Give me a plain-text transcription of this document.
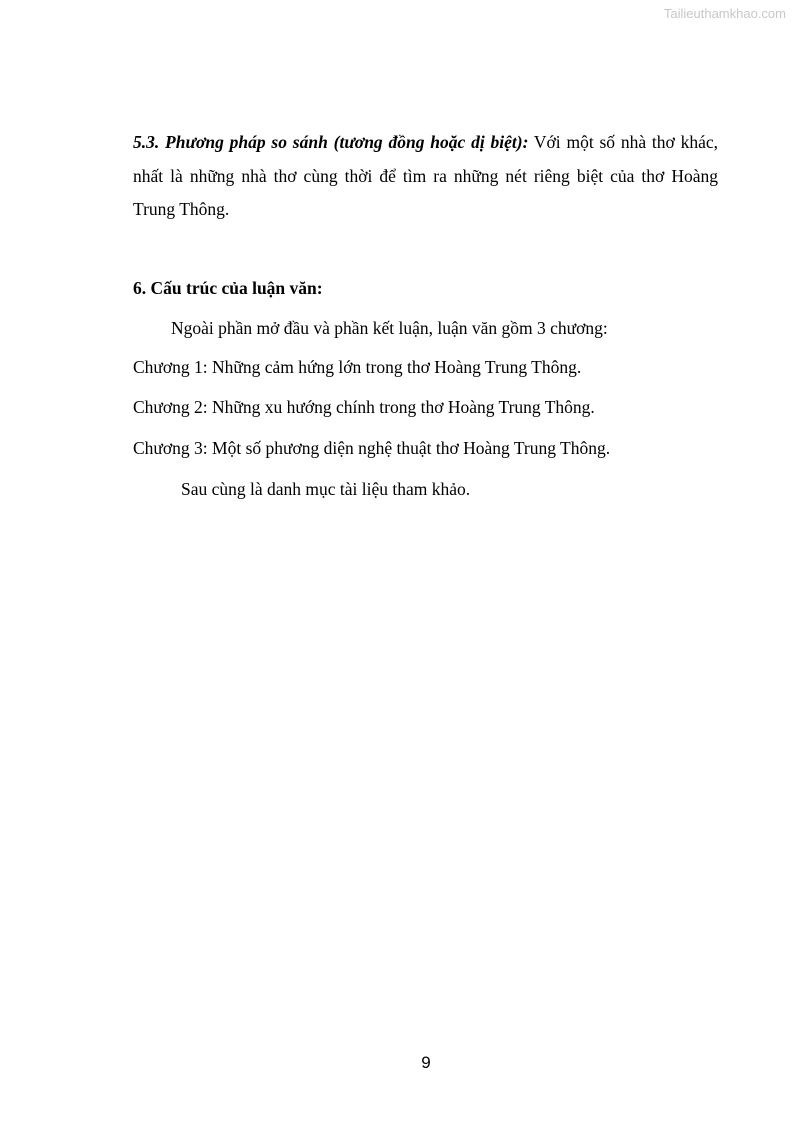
Tailieuthamkhao.com
5.3. Phương pháp so sánh (tương đồng hoặc dị biệt): Với một số nhà thơ khác, nhất là những nhà thơ cùng thời để tìm ra những nét riêng biệt của thơ Hoàng Trung Thông.
6. Cấu trúc của luận văn:
Ngoài phần mở đầu và phần kết luận, luận văn gồm 3 chương:
Chương 1: Những cảm hứng lớn trong thơ Hoàng Trung Thông.
Chương 2: Những xu hướng chính trong thơ Hoàng Trung Thông.
Chương 3: Một số phương diện nghệ thuật thơ Hoàng Trung Thông.
Sau cùng là danh mục tài liệu tham khảo.
9
